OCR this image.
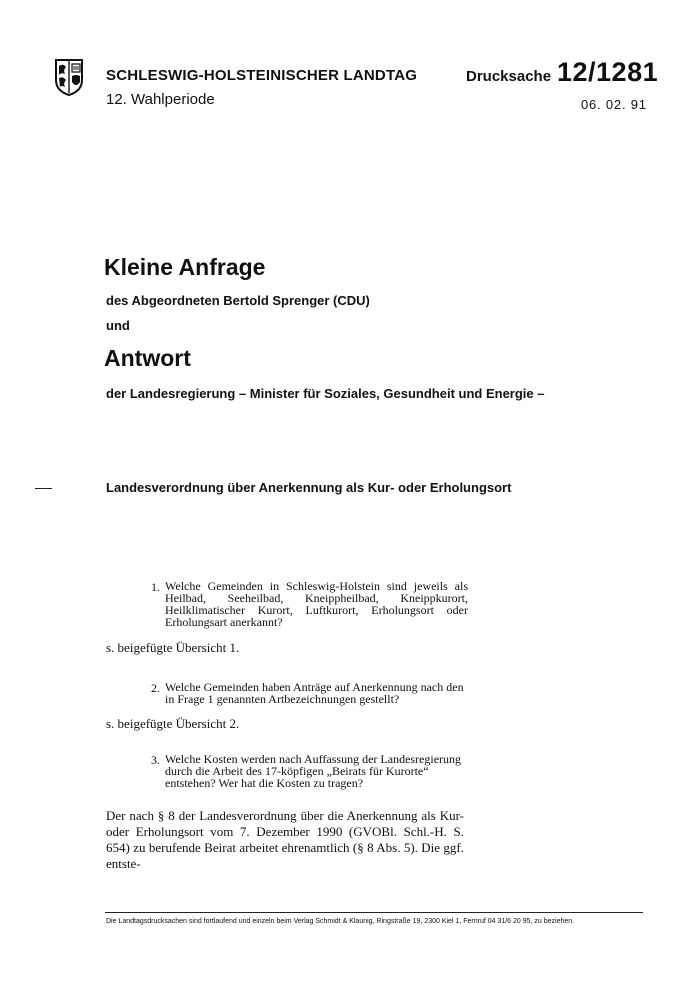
SCHLESWIG-HOLSTEINISCHER LANDTAG
12. Wahlperiode
Drucksache 12/1281
06. 02. 91
Kleine Anfrage
des Abgeordneten Bertold Sprenger (CDU)
und
Antwort
der Landesregierung – Minister für Soziales, Gesundheit und Energie –
Landesverordnung über Anerkennung als Kur- oder Erholungsort
1. Welche Gemeinden in Schleswig-Holstein sind jeweils als Heilbad, Seeheilbad, Kneippheilbad, Kneippkurort, Heilklimatischer Kurort, Luftkurort, Erholungsort oder Erholungsart anerkannt?
s. beigefügte Übersicht 1.
2. Welche Gemeinden haben Anträge auf Anerkennung nach den in Frage 1 genannten Artbezeichnungen gestellt?
s. beigefügte Übersicht 2.
3. Welche Kosten werden nach Auffassung der Landesregierung durch die Arbeit des 17-köpfigen „Beirats für Kurorte“ entstehen? Wer hat die Kosten zu tragen?
Der nach § 8 der Landesverordnung über die Anerkennung als Kur- oder Erholungsort vom 7. Dezember 1990 (GVOBl. Schl.-H. S. 654) zu berufende Beirat arbeitet ehrenamtlich (§ 8 Abs. 5). Die ggf. entste-
Die Landtagsdrucksachen sind fortlaufend und einzeln beim Verlag Schmidt & Klaunig, Ringstraße 19, 2300 Kiel 1, Fernruf 04 31/6 20 95, zu beziehen.
